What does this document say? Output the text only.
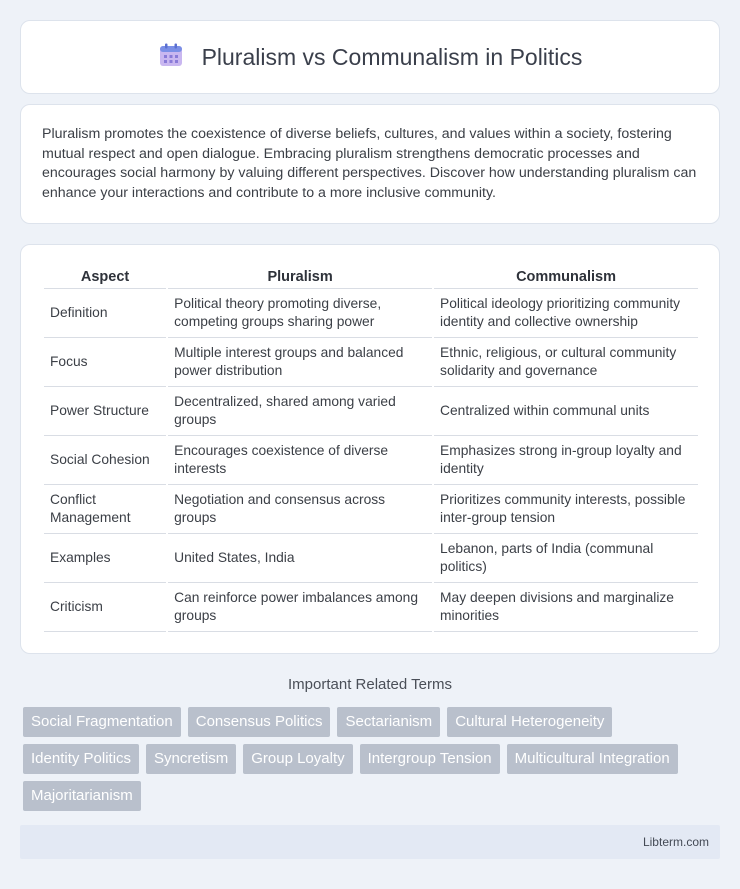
Pluralism vs Communalism in Politics

Pluralism promotes the coexistence of diverse beliefs, cultures, and values within a society, fostering mutual respect and open dialogue. Embracing pluralism strengthens democratic processes and encourages social harmony by valuing different perspectives. Discover how understanding pluralism can enhance your interactions and contribute to a more inclusive community.

Aspect	Pluralism	Communalism
Definition	Political theory promoting diverse, competing groups sharing power	Political ideology prioritizing community identity and collective ownership
Focus	Multiple interest groups and balanced power distribution	Ethnic, religious, or cultural community solidarity and governance
Power Structure	Decentralized, shared among varied groups	Centralized within communal units
Social Cohesion	Encourages coexistence of diverse interests	Emphasizes strong in-group loyalty and identity
Conflict Management	Negotiation and consensus across groups	Prioritizes community interests, possible inter-group tension
Examples	United States, India	Lebanon, parts of India (communal politics)
Criticism	Can reinforce power imbalances among groups	May deepen divisions and marginalize minorities
Important Related Terms
Social Fragmentation	Consensus Politics	Sectarianism	Cultural Heterogeneity
Identity Politics	Syncretism	Group Loyalty	Intergroup Tension	Multicultural Integration
Majoritarianism
Libterm.com
